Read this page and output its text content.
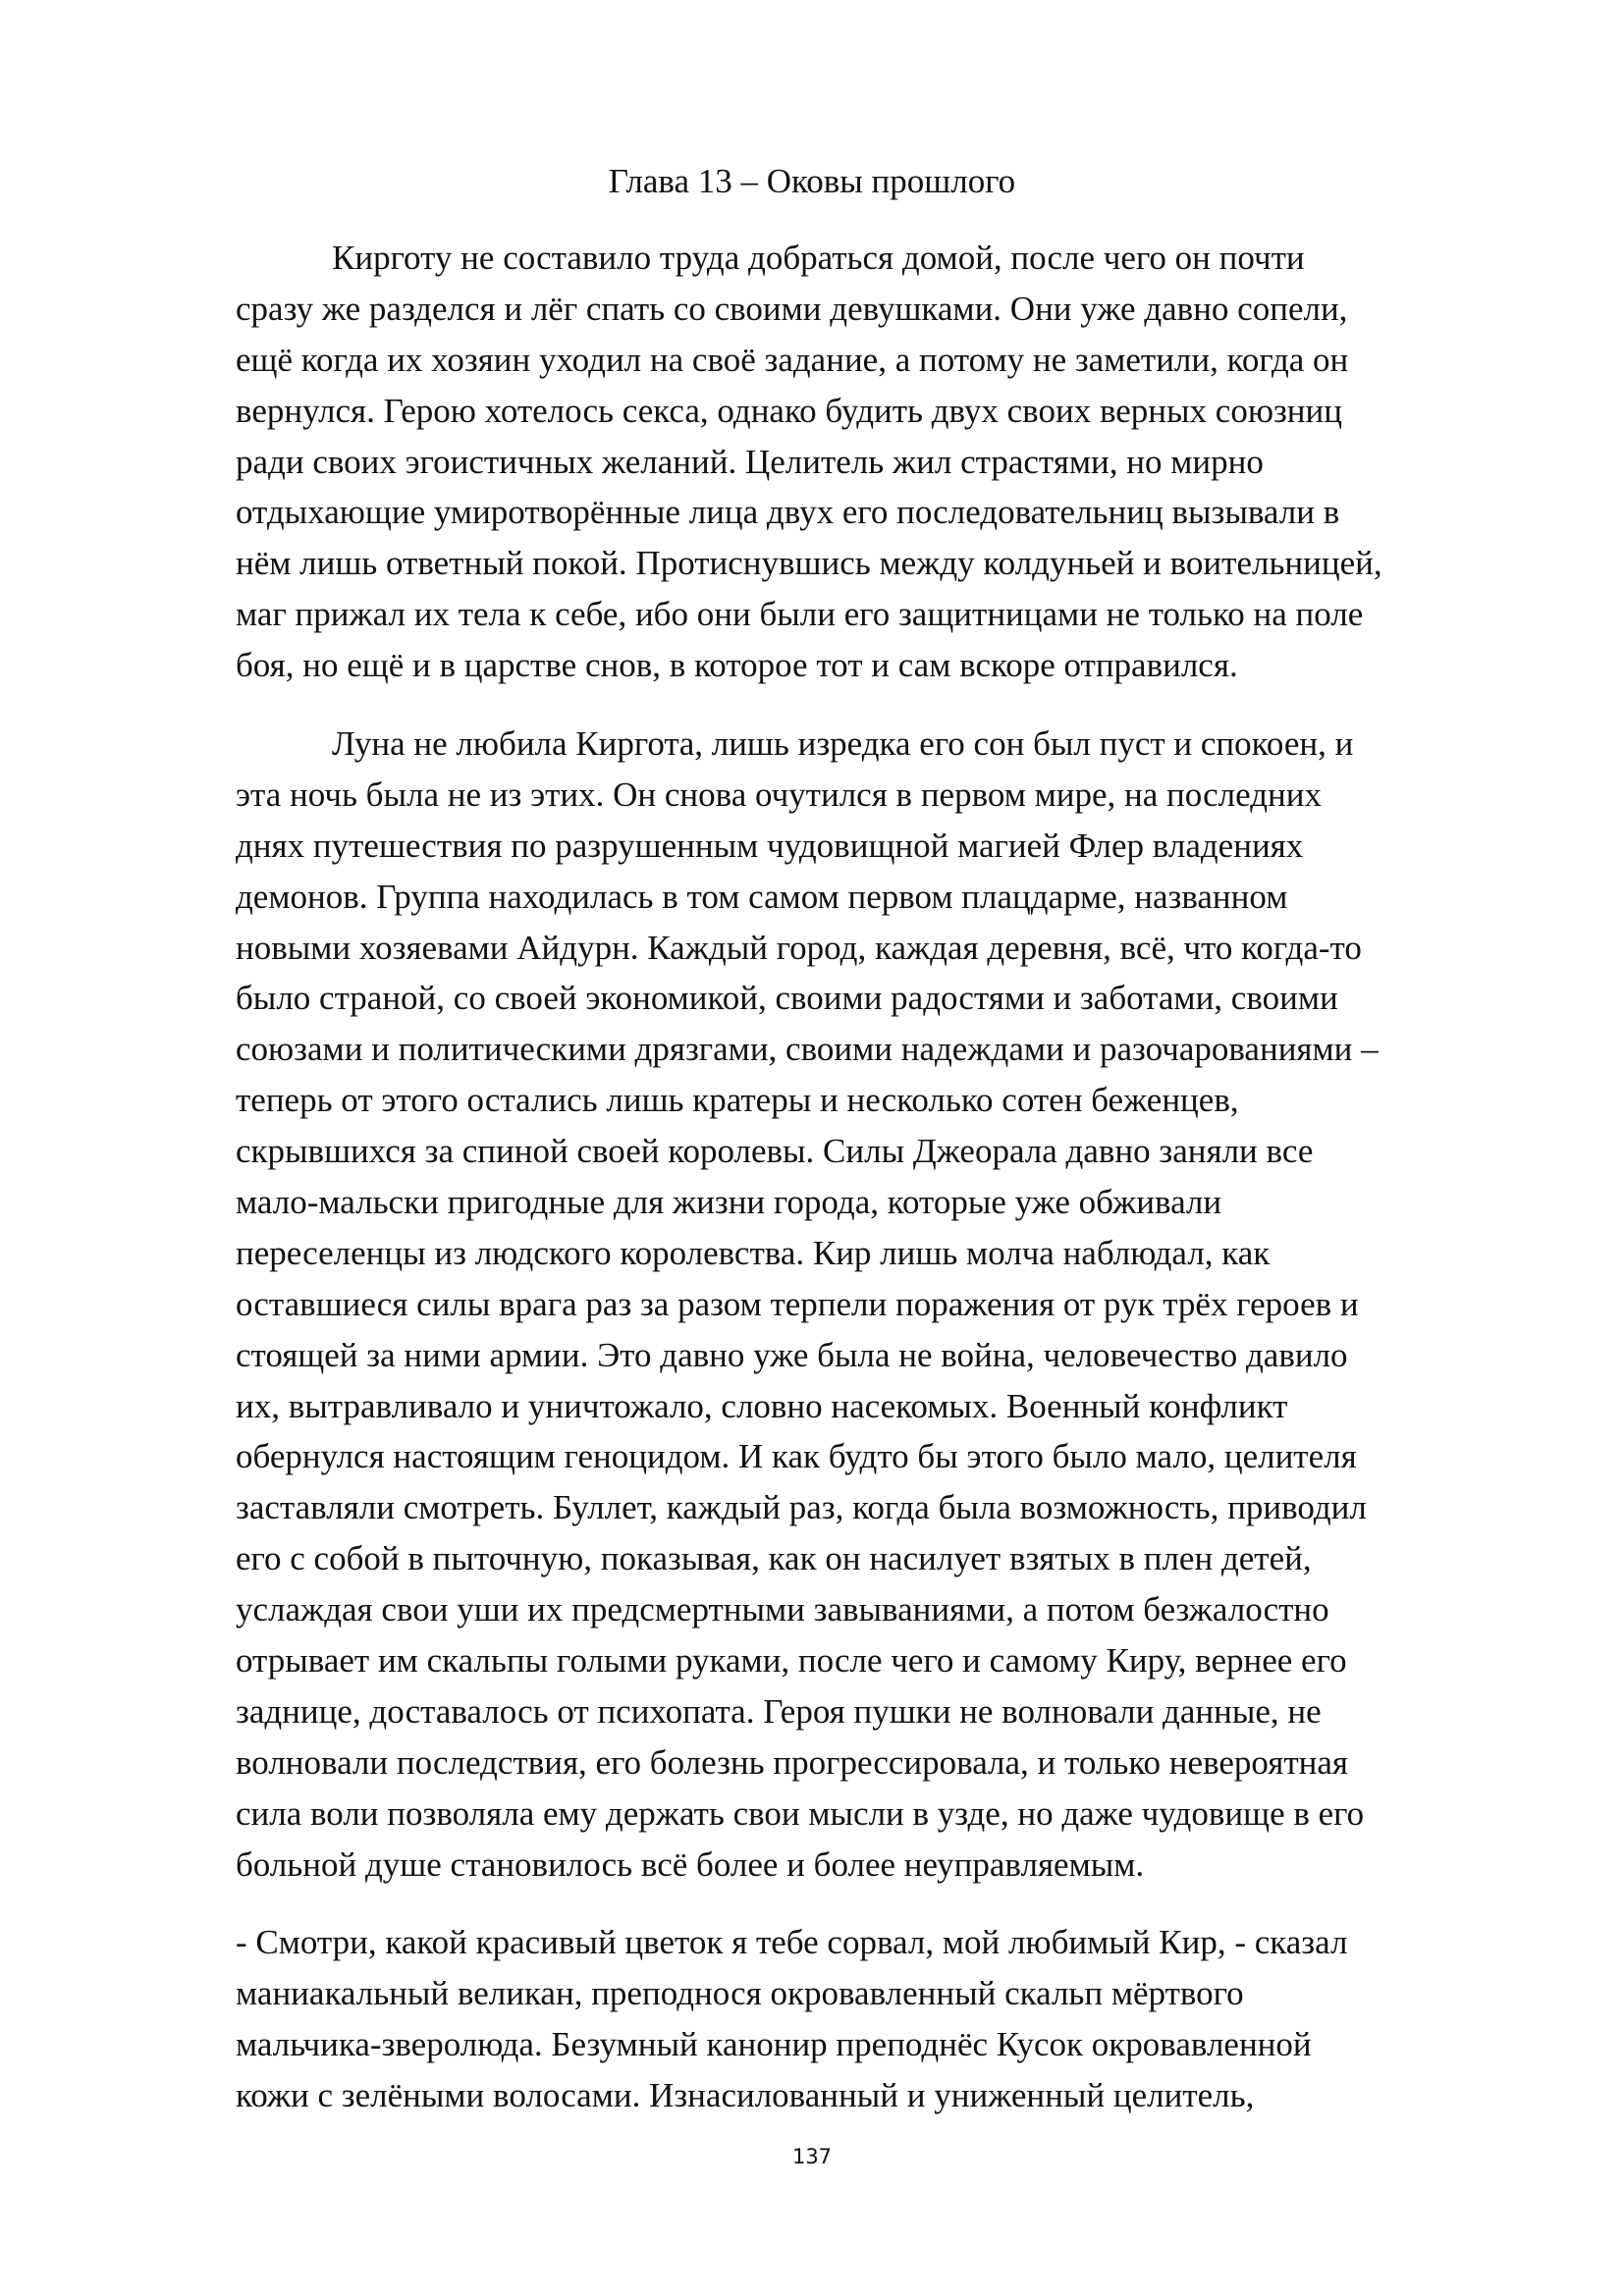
Глава 13 – Оковы прошлого
Кирготу не составило труда добраться домой, после чего он почти
сразу же разделся и лёг спать со своими девушками. Они уже давно сопели,
ещё когда их хозяин уходил на своё задание, а потому не заметили, когда он
вернулся. Герою хотелось секса, однако будить двух своих верных союзниц
ради своих эгоистичных желаний. Целитель жил страстями, но мирно
отдыхающие умиротворённые лица двух его последовательниц вызывали в
нём лишь ответный покой. Протиснувшись между колдуньей и воительницей,
маг прижал их тела к себе, ибо они были его защитницами не только на поле
боя, но ещё и в царстве снов, в которое тот и сам вскоре отправился.
Луна не любила Кирготa, лишь изредка его сон был пуст и спокоен, и
эта ночь была не из этих. Он снова очутился в первом мире, на последних
днях путешествия по разрушенным чудовищной магией Флер владениях
демонов. Группа находилась в том самом первом плацдарме, названном
новыми хозяевами Айдурн. Каждый город, каждая деревня, всё, что когда-то
было страной, со своей экономикой, своими радостями и заботами, своими
союзами и политическими дрязгами, своими надеждами и разочарованиями –
теперь от этого остались лишь кратеры и несколько сотен беженцев,
скрывшихся за спиной своей королевы. Силы Джеорала давно заняли все
мало-мальски пригодные для жизни города, которые уже обживали
переселенцы из людского королевства. Кир лишь молча наблюдал, как
оставшиеся силы врага раз за разом терпели поражения от рук трёх героев и
стоящей за ними армии. Это давно уже была не война, человечество давило
их, вытравливало и уничтожало, словно насекомых. Военный конфликт
обернулся настоящим геноцидом. И как будто бы этого было мало, целителя
заставляли смотреть. Буллет, каждый раз, когда была возможность, приводил
его с собой в пыточную, показывая, как он насилует взятых в плен детей,
услаждая свои уши их предсмертными завываниями, а потом безжалостно
отрывает им скальпы голыми руками, после чего и самому Киру, вернее его
заднице, доставалось от психопата. Героя пушки не волновали данные, не
волновали последствия, его болезнь прогрессировала, и только невероятная
сила воли позволяла ему держать свои мысли в узде, но даже чудовище в его
больной душе становилось всё более и более неуправляемым.
- Смотри, какой красивый цветок я тебе сорвал, мой любимый Кир, - сказал
маниакальный великан, преподнося окровавленный скальп мёртвого
мальчика-зверолюда. Безумный канонир преподнёс Кусок окровавленной
кожи с зелёными волосами. Изнасилованный и униженный целитель,
137
